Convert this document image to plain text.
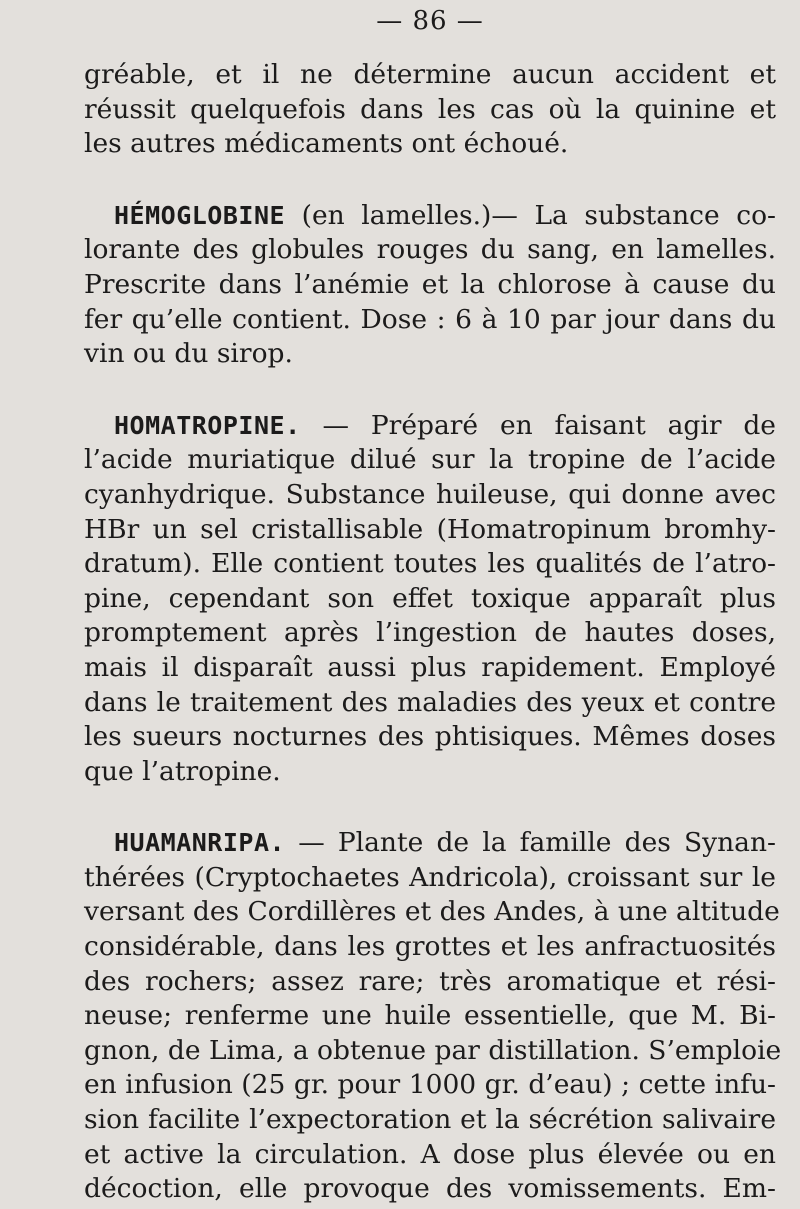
— 86 —
gréable, et il ne détermine aucun accident et
réussit quelquefois dans les cas où la quinine et
les autres médicaments ont échoué.
HÉMOGLOBINE (en lamelles.)— La substance co-
lorante des globules rouges du sang, en lamelles.
Prescrite dans l’anémie et la chlorose à cause du
fer qu’elle contient. Dose : 6 à 10 par jour dans du
vin ou du sirop.
HOMATROPINE. — Préparé en faisant agir de
l’acide muriatique dilué sur la tropine de l’acide
cyanhydrique. Substance huileuse, qui donne avec
HBr un sel cristallisable (Homatropinum bromhy-
dratum). Elle contient toutes les qualités de l’atro-
pine, cependant son effet toxique apparaît plus
promptement après l’ingestion de hautes doses,
mais il disparaît aussi plus rapidement. Employé
dans le traitement des maladies des yeux et contre
les sueurs nocturnes des phtisiques. Mêmes doses
que l’atropine.
HUAMANRIPA. — Plante de la famille des Synan-
thérées (Cryptochaetes Andricola), croissant sur le
versant des Cordillères et des Andes, à une altitude
considérable, dans les grottes et les anfractuosités
des rochers; assez rare; très aromatique et rési-
neuse; renferme une huile essentielle, que M. Bi-
gnon, de Lima, a obtenue par distillation. S’emploie
en infusion (25 gr. pour 1000 gr. d’eau) ; cette infu-
sion facilite l’expectoration et la sécrétion salivaire
et active la circulation. A dose plus élevée ou en
décoction, elle provoque des vomissements. Em-
